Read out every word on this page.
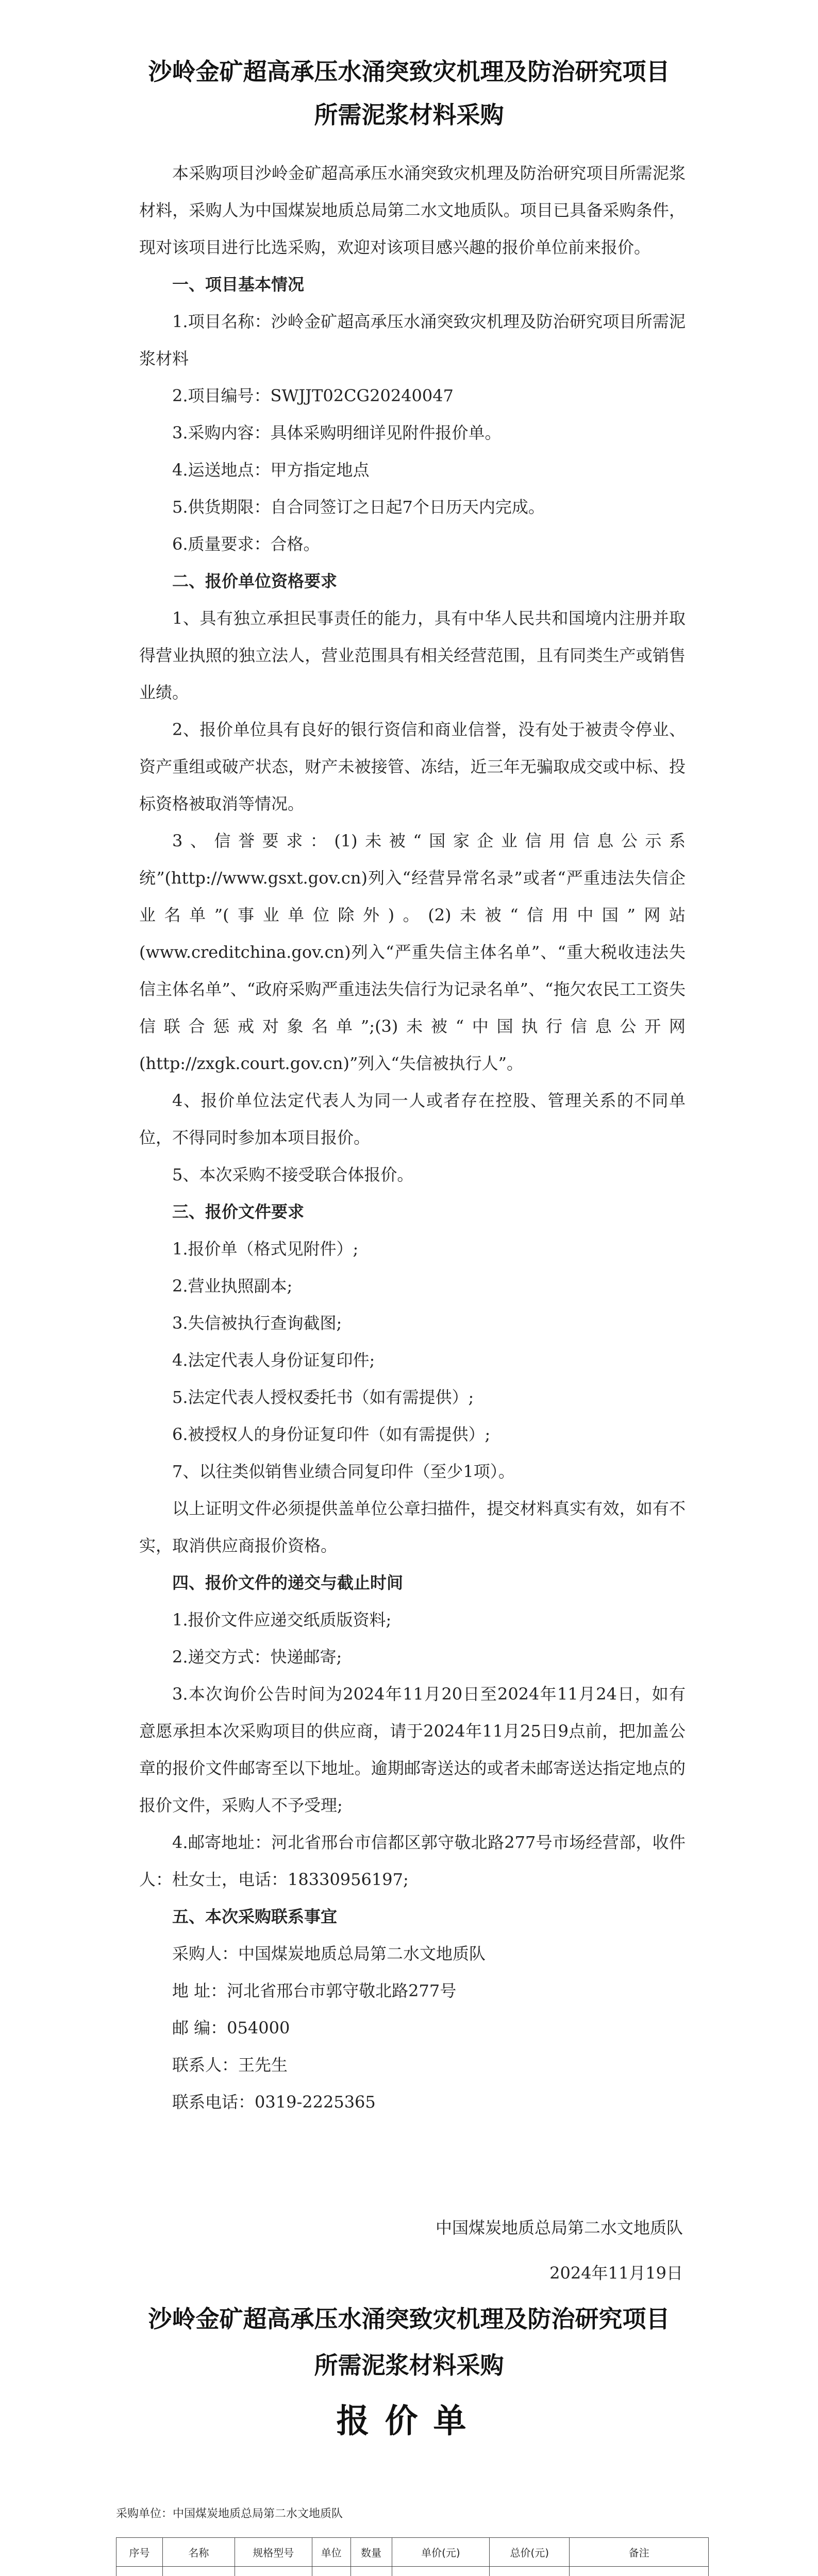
沙岭金矿超高承压水涌突致灾机理及防治研究项目
所需泥浆材料采购

本采购项目沙岭金矿超高承压水涌突致灾机理及防治研究项目所需泥浆材料，采购人为中国煤炭地质总局第二水文地质队。项目已具备采购条件，现对该项目进行比选采购，欢迎对该项目感兴趣的报价单位前来报价。

一、项目基本情况

1.项目名称：沙岭金矿超高承压水涌突致灾机理及防治研究项目所需泥浆材料

2.项目编号：SWJJT02CG20240047

3.采购内容：具体采购明细详见附件报价单。

4.运送地点：甲方指定地点

5.供货期限：自合同签订之日起7个日历天内完成。

6.质量要求：合格。

二、报价单位资格要求

1、具有独立承担民事责任的能力，具有中华人民共和国境内注册并取得营业执照的独立法人，营业范围具有相关经营范围，且有同类生产或销售业绩。

2、报价单位具有良好的银行资信和商业信誉，没有处于被责令停业、资产重组或破产状态，财产未被接管、冻结，近三年无骗取成交或中标、投标资格被取消等情况。

3、信誉要求：(1)未被“国家企业信用信息公示系统”(http://www.gsxt.gov.cn)列入“经营异常名录”或者“严重违法失信企业名单”(事业单位除外)。(2)未被“信用中国”网站(www.creditchina.gov.cn)列入“严重失信主体名单”、“重大税收违法失信主体名单”、“政府采购严重违法失信行为记录名单”、“拖欠农民工工资失信联合惩戒对象名单”;(3)未被“中国执行信息公开网(http://zxgk.court.gov.cn)”列入“失信被执行人”。

4、报价单位法定代表人为同一人或者存在控股、管理关系的不同单位，不得同时参加本项目报价。

5、本次采购不接受联合体报价。

三、报价文件要求

1.报价单（格式见附件）;

2.营业执照副本;

3.失信被执行查询截图;

4.法定代表人身份证复印件;

5.法定代表人授权委托书（如有需提供）;

6.被授权人的身份证复印件（如有需提供）;

7、以往类似销售业绩合同复印件（至少1项）。

以上证明文件必须提供盖单位公章扫描件，提交材料真实有效，如有不实，取消供应商报价资格。

四、报价文件的递交与截止时间

1.报价文件应递交纸质版资料;

2.递交方式：快递邮寄;

3.本次询价公告时间为2024年11月20日至2024年11月24日，如有意愿承担本次采购项目的供应商，请于2024年11月25日9点前，把加盖公章的报价文件邮寄至以下地址。逾期邮寄送达的或者未邮寄送达指定地点的报价文件，采购人不予受理;

4.邮寄地址：河北省邢台市信都区郭守敬北路277号市场经营部，收件人：杜女士，电话：18330956197;

五、本次采购联系事宜

采购人：中国煤炭地质总局第二水文地质队

地 址：河北省邢台市郭守敬北路277号

邮 编：054000

联系人：王先生

联系电话：0319-2225365

中国煤炭地质总局第二水文地质队
2024年11月19日
沙岭金矿超高承压水涌突致灾机理及防治研究项目
所需泥浆材料采购
报价单
采购单位：中国煤炭地质总局第二水文地质队
序号	名称	规格型号	单位	数量	单价(元)	总价(元)	备注
